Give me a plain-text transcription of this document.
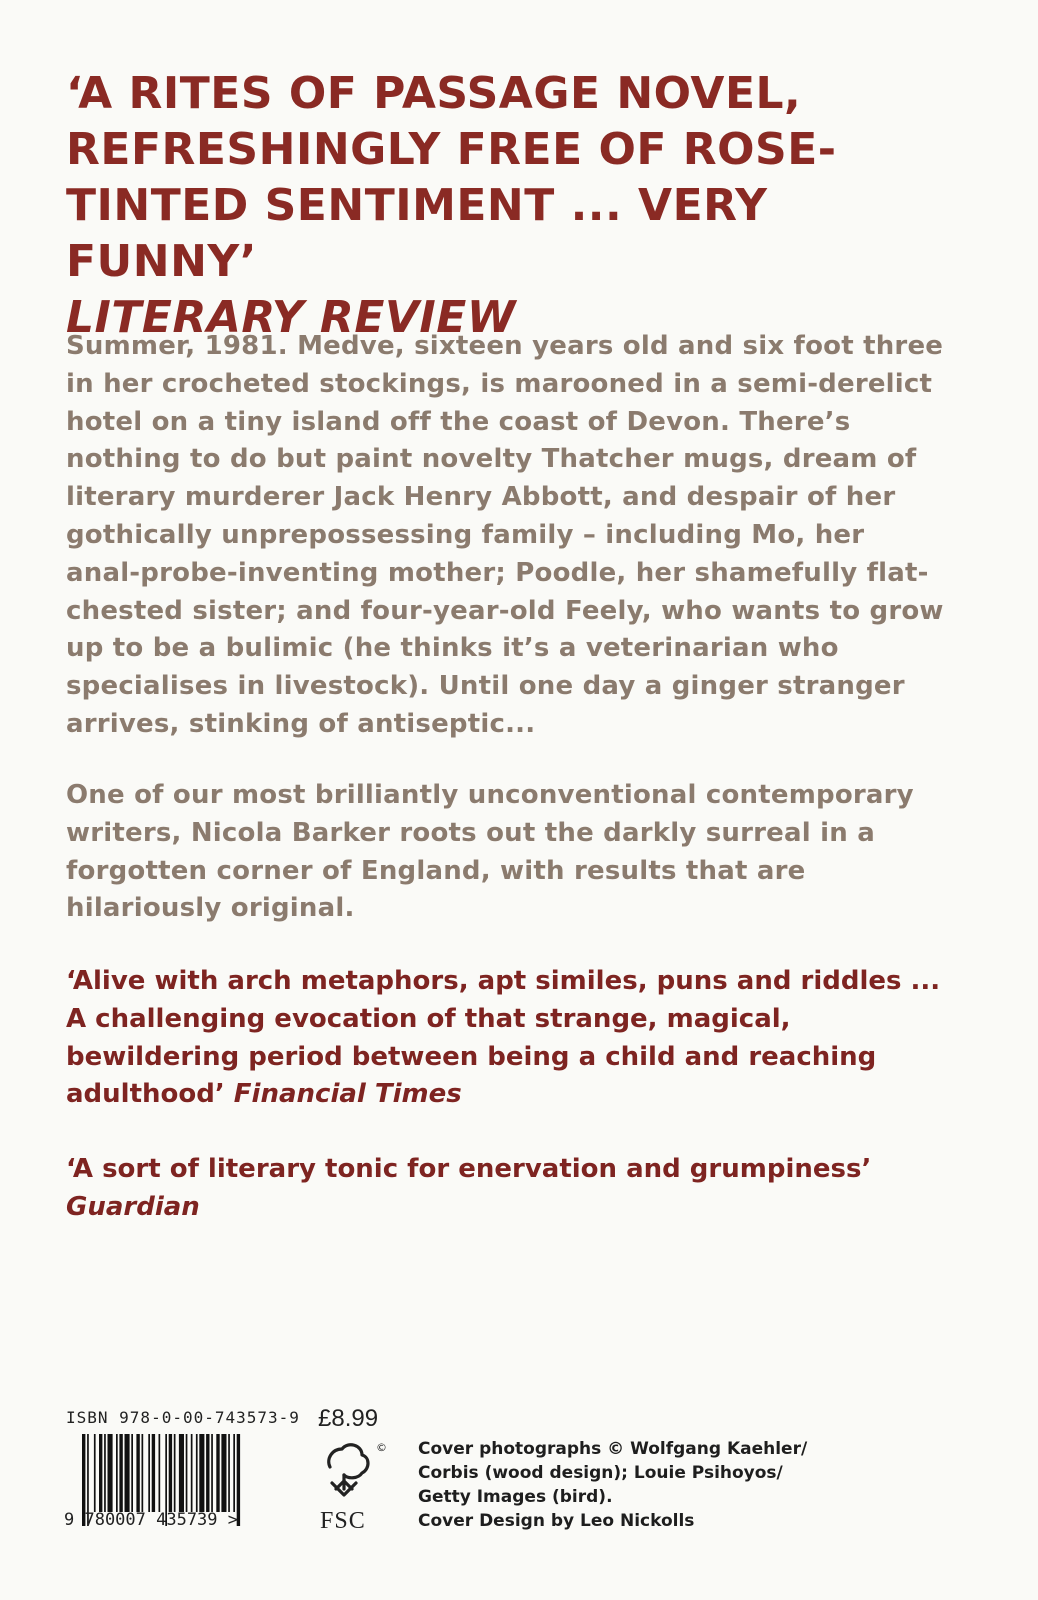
‘A RITES OF PASSAGE NOVEL, REFRESHINGLY FREE OF ROSE-TINTED SENTIMENT ... VERY FUNNY’
LITERARY REVIEW

Summer, 1981. Medve, sixteen years old and six foot three in her crocheted stockings, is marooned in a semi-derelict hotel on a tiny island off the coast of Devon. There’s nothing to do but paint novelty Thatcher mugs, dream of literary murderer Jack Henry Abbott, and despair of her gothically unprepossessing family – including Mo, her anal-probe-inventing mother; Poodle, her shamefully flat-chested sister; and four-year-old Feely, who wants to grow up to be a bulimic (he thinks it’s a veterinarian who specialises in livestock). Until one day a ginger stranger arrives, stinking of antiseptic...

One of our most brilliantly unconventional contemporary writers, Nicola Barker roots out the darkly surreal in a forgotten corner of England, with results that are hilariously original.

‘Alive with arch metaphors, apt similes, puns and riddles ... A challenging evocation of that strange, magical, bewildering period between being a child and reaching adulthood’ Financial Times

‘A sort of literary tonic for enervation and grumpiness’
Guardian

ISBN 978-0-00-743573-9
9 780007 435739 >
£8.99
©
FSC

Cover photographs © Wolfgang Kaehler/
Corbis (wood design); Louie Psihoyos/
Getty Images (bird).
Cover Design by Leo Nickolls
